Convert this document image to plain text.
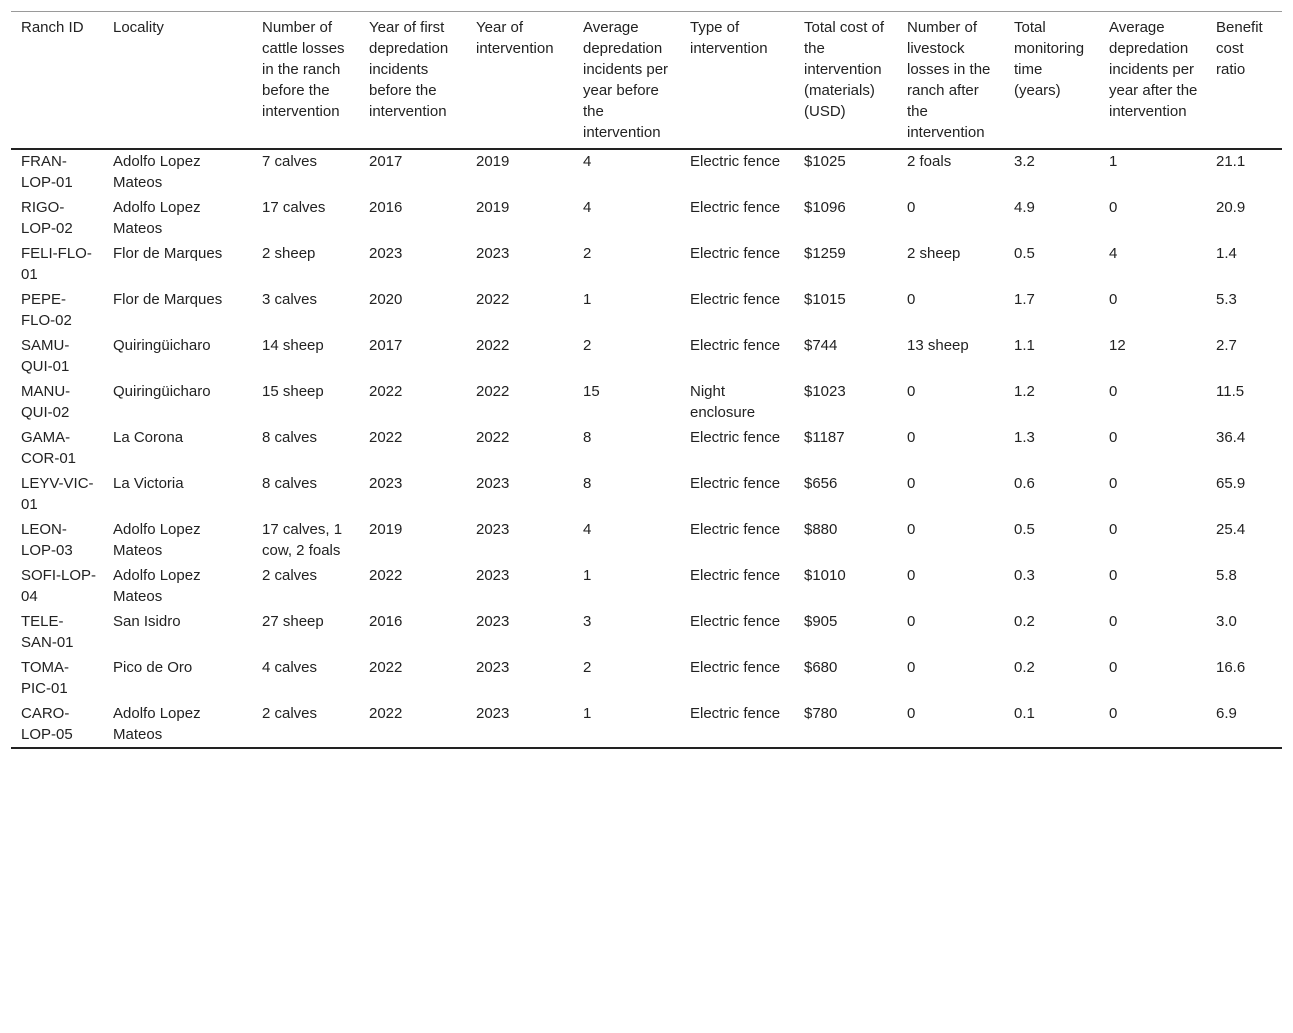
Ranch ID	Locality	Number of cattle losses in the ranch before the intervention	Year of first depredation incidents before the intervention	Year of intervention	Average depredation incidents per year before the intervention	Type of intervention	Total cost of the intervention (materials) (USD)	Number of livestock losses in the ranch after the intervention	Total monitoring time (years)	Average depredation incidents per year after the intervention	Benefit cost ratio
FRAN-LOP-01	Adolfo Lopez Mateos	7 calves	2017	2019	4	Electric fence	$1025	2 foals	3.2	1	21.1
RIGO-LOP-02	Adolfo Lopez Mateos	17 calves	2016	2019	4	Electric fence	$1096	0	4.9	0	20.9
FELI-FLO-01	Flor de Marques	2 sheep	2023	2023	2	Electric fence	$1259	2 sheep	0.5	4	1.4
PEPE-FLO-02	Flor de Marques	3 calves	2020	2022	1	Electric fence	$1015	0	1.7	0	5.3
SAMU-QUI-01	Quiringüicharo	14 sheep	2017	2022	2	Electric fence	$744	13 sheep	1.1	12	2.7
MANU-QUI-02	Quiringüicharo	15 sheep	2022	2022	15	Night enclosure	$1023	0	1.2	0	11.5
GAMA-COR-01	La Corona	8 calves	2022	2022	8	Electric fence	$1187	0	1.3	0	36.4
LEYV-VIC-01	La Victoria	8 calves	2023	2023	8	Electric fence	$656	0	0.6	0	65.9
LEON-LOP-03	Adolfo Lopez Mateos	17 calves, 1 cow, 2 foals	2019	2023	4	Electric fence	$880	0	0.5	0	25.4
SOFI-LOP-04	Adolfo Lopez Mateos	2 calves	2022	2023	1	Electric fence	$1010	0	0.3	0	5.8
TELE-SAN-01	San Isidro	27 sheep	2016	2023	3	Electric fence	$905	0	0.2	0	3.0
TOMA-PIC-01	Pico de Oro	4 calves	2022	2023	2	Electric fence	$680	0	0.2	0	16.6
CARO-LOP-05	Adolfo Lopez Mateos	2 calves	2022	2023	1	Electric fence	$780	0	0.1	0	6.9
